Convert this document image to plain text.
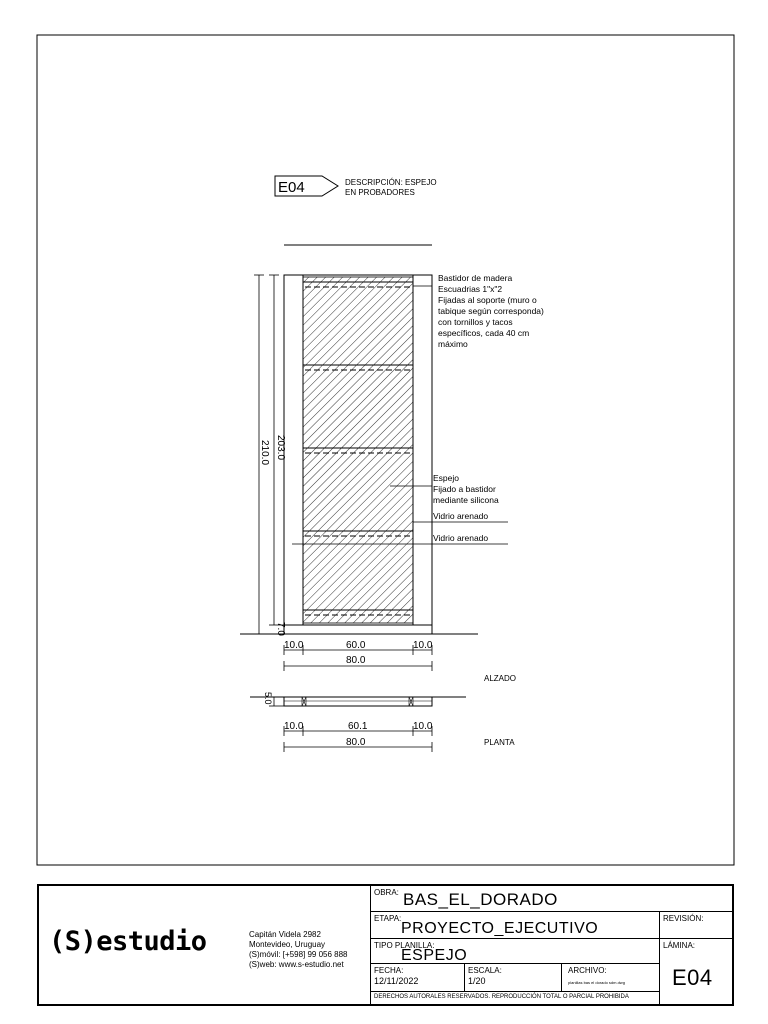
E04	DESCRIPCIÓN: ESPEJO
EN PROBADORES
203.0
210.0
7.0
10.0	60.0	10.0
80.0
ALZADO
Bastidor de madera
Escuadrias 1"x"2
Fijadas al soporte (muro o
tabique según corresponda)
con tornillos y tacos
específicos, cada 40 cm
máximo
Espejo
Fijado a bastidor
mediante silicona
Vidrio arenado
Vidrio arenado
5.0
10.0	60.1	10.0
80.0	PLANTA
(S)estudio	Capitán Videla 2982
Montevideo, Uruguay
(S)móvil: [+598] 99 056 888
(S)web: www.s-estudio.net
OBRA: BAS_EL_DORADO
ETAPA:
PROYECTO_EJECUTIVO
REVISIÓN:
TIPO PLANILLA:
ESPEJO
LÁMINA:
E04
FECHA:
12/11/2022
ESCALA:
1/20
ARCHIVO:
planillas bas el dorado sdm.dwg
DERECHOS AUTORALES RESERVADOS. REPRODUCCIÓN TOTAL O PARCIAL PROHIBIDA
